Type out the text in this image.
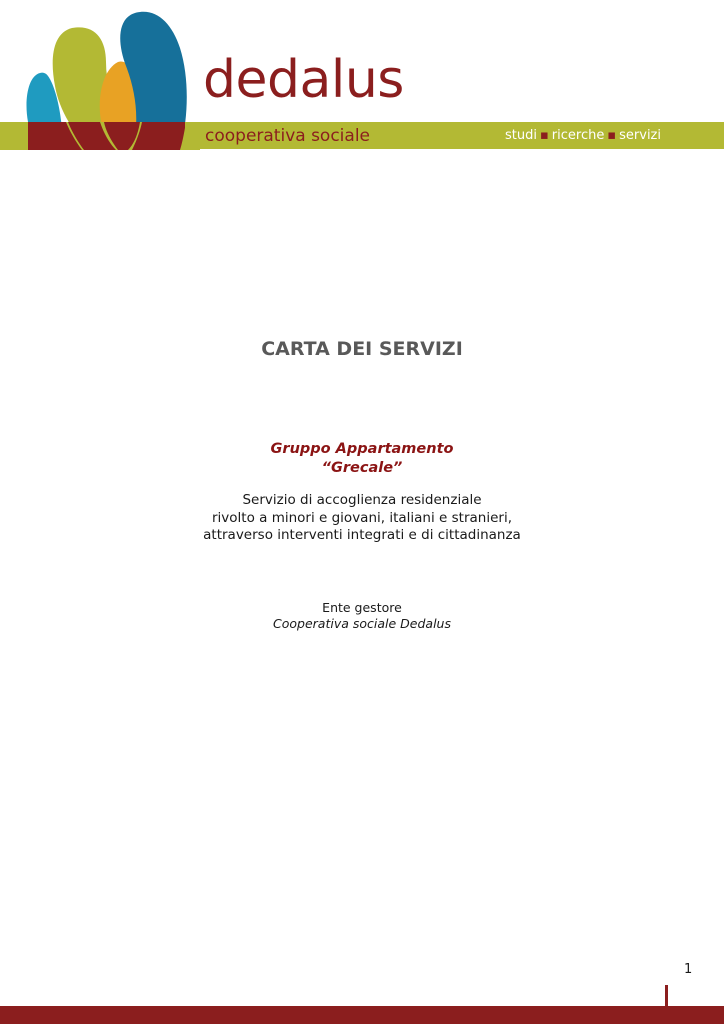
dedalus
cooperativa sociale	studi ▪ ricerche ▪ servizi
CARTA DEI SERVIZI
Gruppo Appartamento
“Grecale”
Servizio di accoglienza residenziale
rivolto a minori e giovani, italiani e stranieri,
attraverso interventi integrati e di cittadinanza
Ente gestore
Cooperativa sociale Dedalus
1
